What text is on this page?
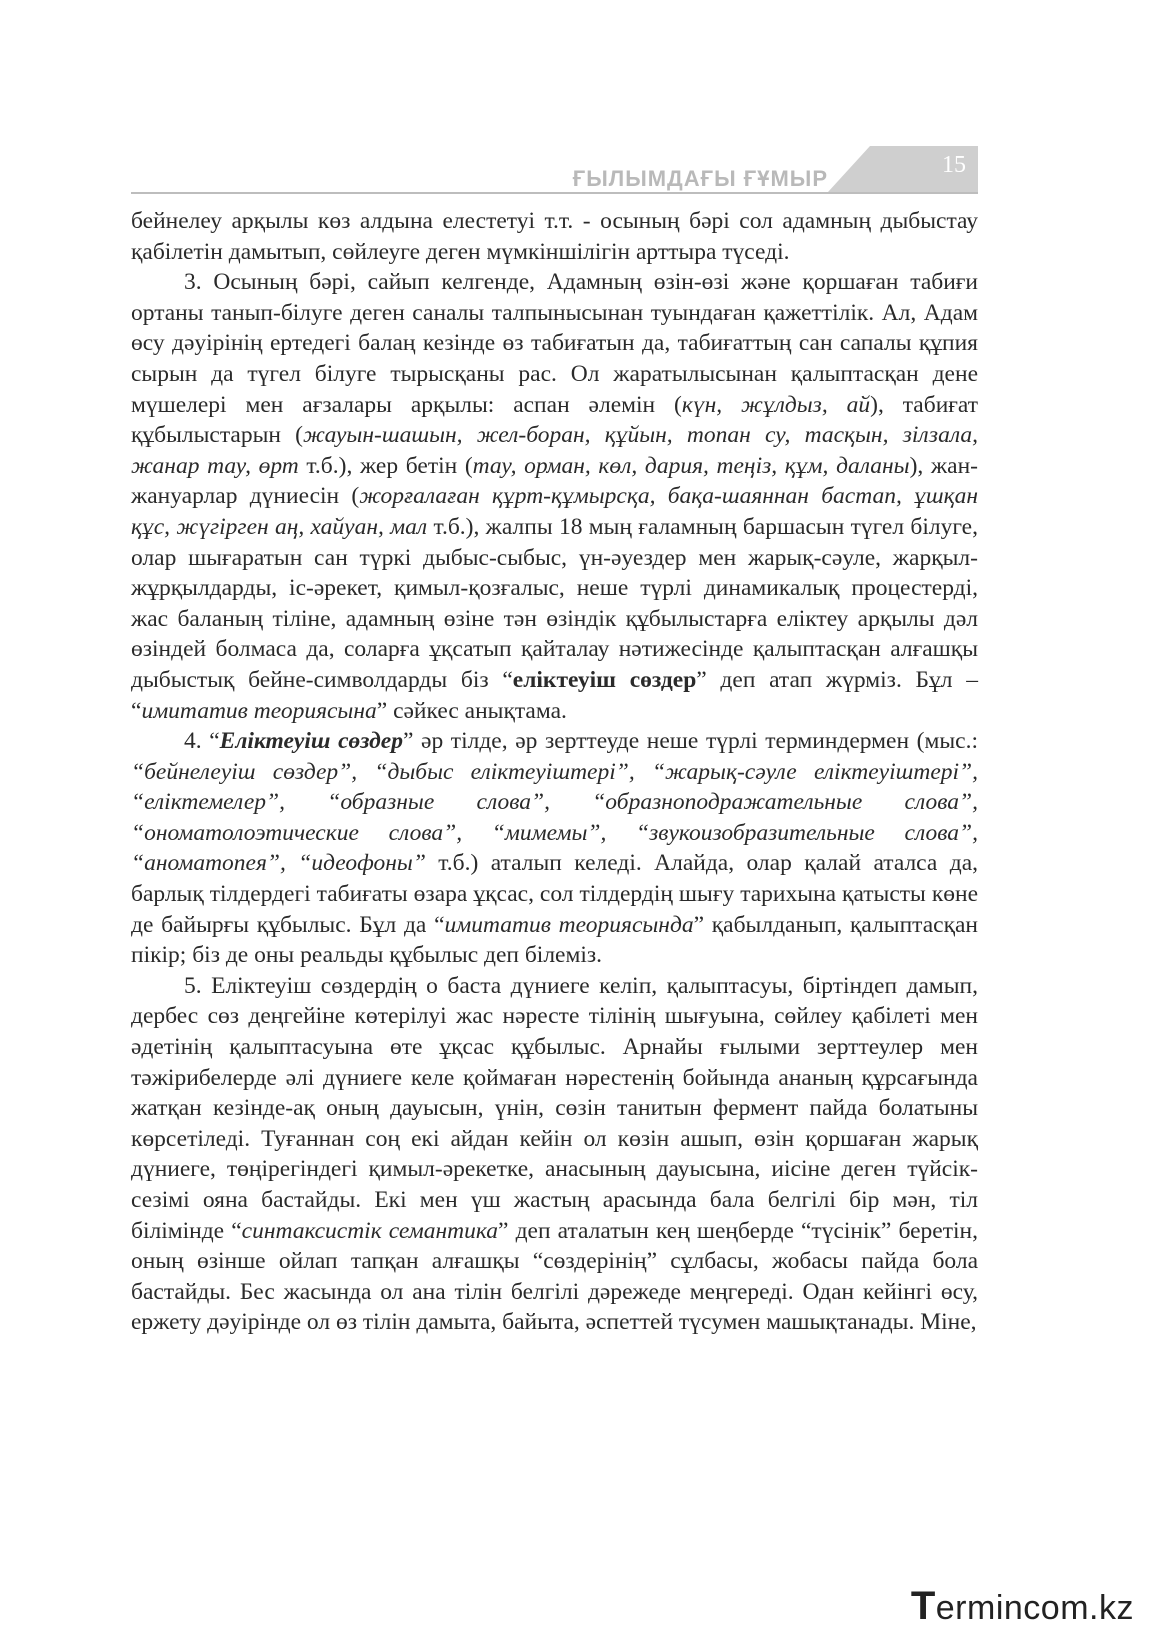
ҒЫЛЫМДАҒЫ ҒҰМЫР
15

бейнелеу арқылы көз алдына елестетуі т.т. - осының бәрі сол адамның дыбыстау қабілетін дамытып, сөйлеуге деген мүмкіншілігін арттыра түседі.

3. Осының бәрі, сайып келгенде, Адамның өзін-өзі және қоршаған табиғи ортаны танып-білуге деген саналы талпынысынан туындаған қажеттілік. Ал, Адам өсу дәуірінің ертедегі балаң кезінде өз табиғатын да, табиғаттың сан сапалы құпия сырын да түгел білуге тырысқаны рас. Ол жаратылысынан қалыптасқан дене мүшелері мен ағзалары арқылы: аспан әлемін (күн, жұлдыз, ай), табиғат құбылыстарын (жауын-шашын, жел-боран, құйын, топан су, тасқын, зілзала, жанар тау, өрт т.б.), жер бетін (тау, орман, көл, дария, теңіз, құм, даланы), жан-жануарлар дүниесін (жорғалаған құрт-құмырсқа, бақа-шаяннан бастап, ұшқан құс, жүгірген аң, хайуан, мал т.б.), жалпы 18 мың ғаламның баршасын түгел білуге, олар шығаратын сан түркі дыбыс-сыбыс, үн-әуездер мен жарық-сәуле, жарқыл-жұрқылдарды, іс-әрекет, қимыл-қозғалыс, неше түрлі динамикалық процестерді, жас баланың тіліне, адамның өзіне тән өзіндік құбылыстарға еліктеу арқылы дәл өзіндей болмаса да, соларға ұқсатып қайталау нәтижесінде қалыптасқан алғашқы дыбыстық бейне-символдарды біз “еліктеуіш сөздер” деп атап жүрміз. Бұл – “имитатив теориясына” сәйкес анықтама.

4. “Еліктеуіш сөздер” әр тілде, әр зерттеуде неше түрлі терминдермен (мыс.: “бейнелеуіш сөздер”, “дыбыс еліктеуіштері”, “жарық-сәуле еліктеуіштері”, “еліктемелер”, “образные слова”, “образноподражательные слова”, “ономатолоэтические слова”, “мимемы”, “звукоизобразительные слова”, “аноматопея”, “идеофоны” т.б.) аталып келеді. Алайда, олар қалай аталса да, барлық тілдердегі табиғаты өзара ұқсас, сол тілдердің шығу тарихына қатысты көне де байырғы құбылыс. Бұл да “имитатив теориясында” қабылданып, қалыптасқан пікір; біз де оны реальды құбылыс деп білеміз.

5. Еліктеуіш сөздердің о баста дүниеге келіп, қалыптасуы, біртіндеп дамып, дербес сөз деңгейіне көтерілуі жас нәресте тілінің шығуына, сөйлеу қабілеті мен әдетінің қалыптасуына өте ұқсас құбылыс. Арнайы ғылыми зерттеулер мен тәжірибелерде әлі дүниеге келе қоймаған нәрестенің бойында ананың құрсағында жатқан кезінде-ақ оның дауысын, үнін, сөзін танитын фермент пайда болатыны көрсетіледі. Туғаннан соң екі айдан кейін ол көзін ашып, өзін қоршаған жарық дүниеге, төңірегіндегі қимыл-әрекетке, анасының дауысына, иісіне деген түйсік-сезімі ояна бастайды. Екі мен үш жастың арасында бала белгілі бір мән, тіл білімінде “синтаксистік семантика” деп аталатын кең шеңберде “түсінік” беретін, оның өзінше ойлап тапқан алғашқы “сөздерінің” сұлбасы, жобасы пайда бола бастайды. Бес жасында ол ана тілін белгілі дәрежеде меңгереді. Одан кейінгі өсу, ержету дәуірінде ол өз тілін дамыта, байыта, әспеттей түсумен машықтанады. Міне,

Termincom.kz
